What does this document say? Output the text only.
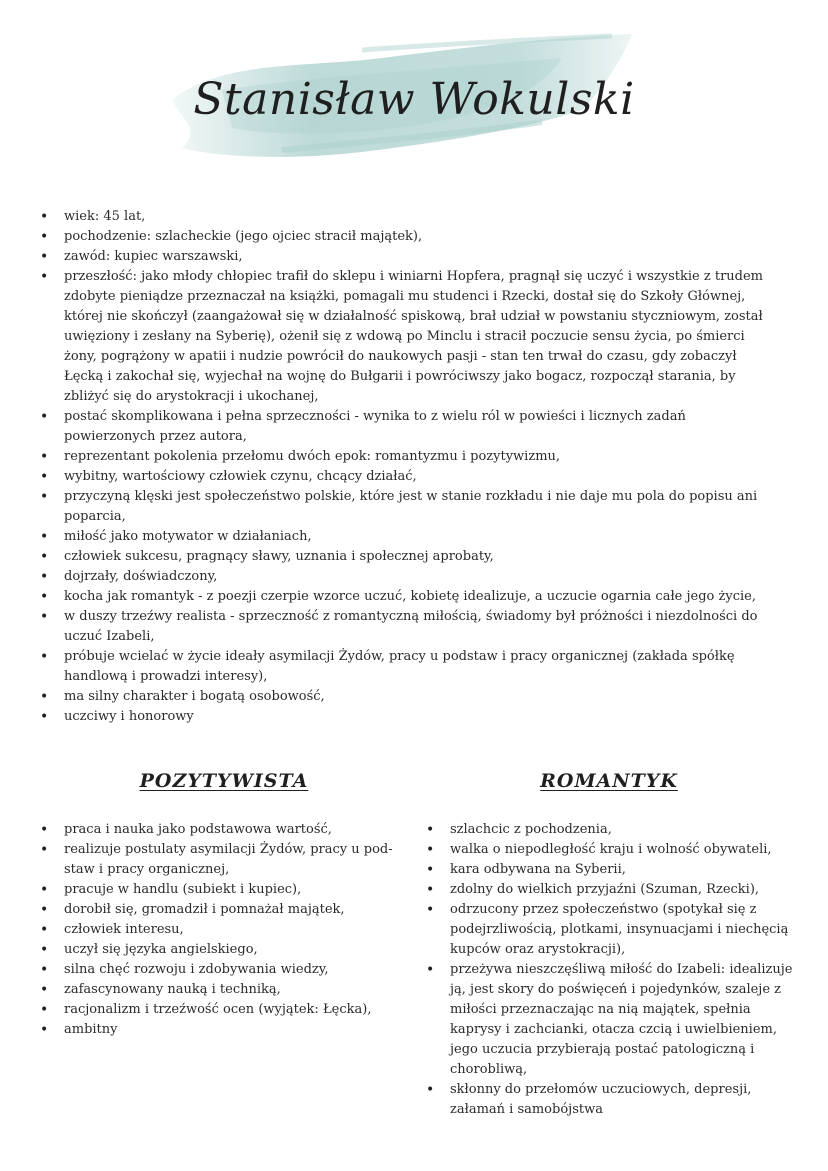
Stanisław Wokulski
• wiek: 45 lat,
• pochodzenie: szlacheckie (jego ojciec stracił majątek),
• zawód: kupiec warszawski,
• przeszłość: jako młody chłopiec trafił do sklepu i winiarni Hopfera, pragnął się uczyć i wszystkie z trudem zdobyte pieniądze przeznaczał na książki, pomagali mu studenci i Rzecki, dostał się do Szkoły Głównej, której nie skończył (zaangażował się w działalność spiskową, brał udział w powstaniu styczniowym, został uwięziony i zesłany na Syberię), ożenił się z wdową po Minclu i stracił poczucie sensu życia, po śmierci żony, pogrążony w apatii i nudzie powrócił do naukowych pasji - stan ten trwał do czasu, gdy zobaczył Łęcką i zakochał się, wyjechał na wojnę do Bułgarii i powróciwszy jako bogacz, rozpoczął starania, by zbliżyć się do arystokracji i ukochanej,
• postać skomplikowana i pełna sprzeczności - wynika to z wielu ról w powieści i licznych zadań powierzonych przez autora,
• reprezentant pokolenia przełomu dwóch epok: romantyzmu i pozytywizmu,
• wybitny, wartościowy człowiek czynu, chcący działać,
• przyczyną klęski jest społeczeństwo polskie, które jest w stanie rozkładu i nie daje mu pola do popisu ani poparcia,
• miłość jako motywator w działaniach,
• człowiek sukcesu, pragnący sławy, uznania i społecznej aprobaty,
• dojrzały, doświadczony,
• kocha jak romantyk - z poezji czerpie wzorce uczuć, kobietę idealizuje, a uczucie ogarnia całe jego życie,
• w duszy trzeźwy realista - sprzeczność z romantyczną miłością, świadomy był próżności i niezdolności do uczuć Izabeli,
• próbuje wcielać w życie ideały asymilacji Żydów, pracy u podstaw i pracy organicznej (zakłada spółkę handlową i prowadzi interesy),
• ma silny charakter i bogatą osobowość,
• uczciwy i honorowy
POZYTYWISTA
• praca i nauka jako podstawowa wartość,
• realizuje postulaty asymilacji Żydów, pracy u pod- staw i pracy organicznej,
• pracuje w handlu (subiekt i kupiec),
• dorobił się, gromadził i pomnażał majątek,
• człowiek interesu,
• uczył się języka angielskiego,
• silna chęć rozwoju i zdobywania wiedzy,
• zafascynowany nauką i techniką,
• racjonalizm i trzeźwość ocen (wyjątek: Łęcka),
• ambitny
ROMANTYK
• szlachcic z pochodzenia,
• walka o niepodległość kraju i wolność obywateli,
• kara odbywana na Syberii,
• zdolny do wielkich przyjaźni (Szuman, Rzecki),
• odrzucony przez społeczeństwo (spotykał się z podejrzliwością, plotkami, insynuacjami i niechęcią kupców oraz arystokracji),
• przeżywa nieszczęśliwą miłość do Izabeli: idealizuje ją, jest skory do poświęceń i pojedynków, szaleje z miłości przeznaczając na nią majątek, spełnia kaprysy i zachcianki, otacza czcią i uwielbieniem, jego uczucia przybierają postać patologiczną i chorobliwą,
• skłonny do przełomów uczuciowych, depresji, załamań i samobójstwa
